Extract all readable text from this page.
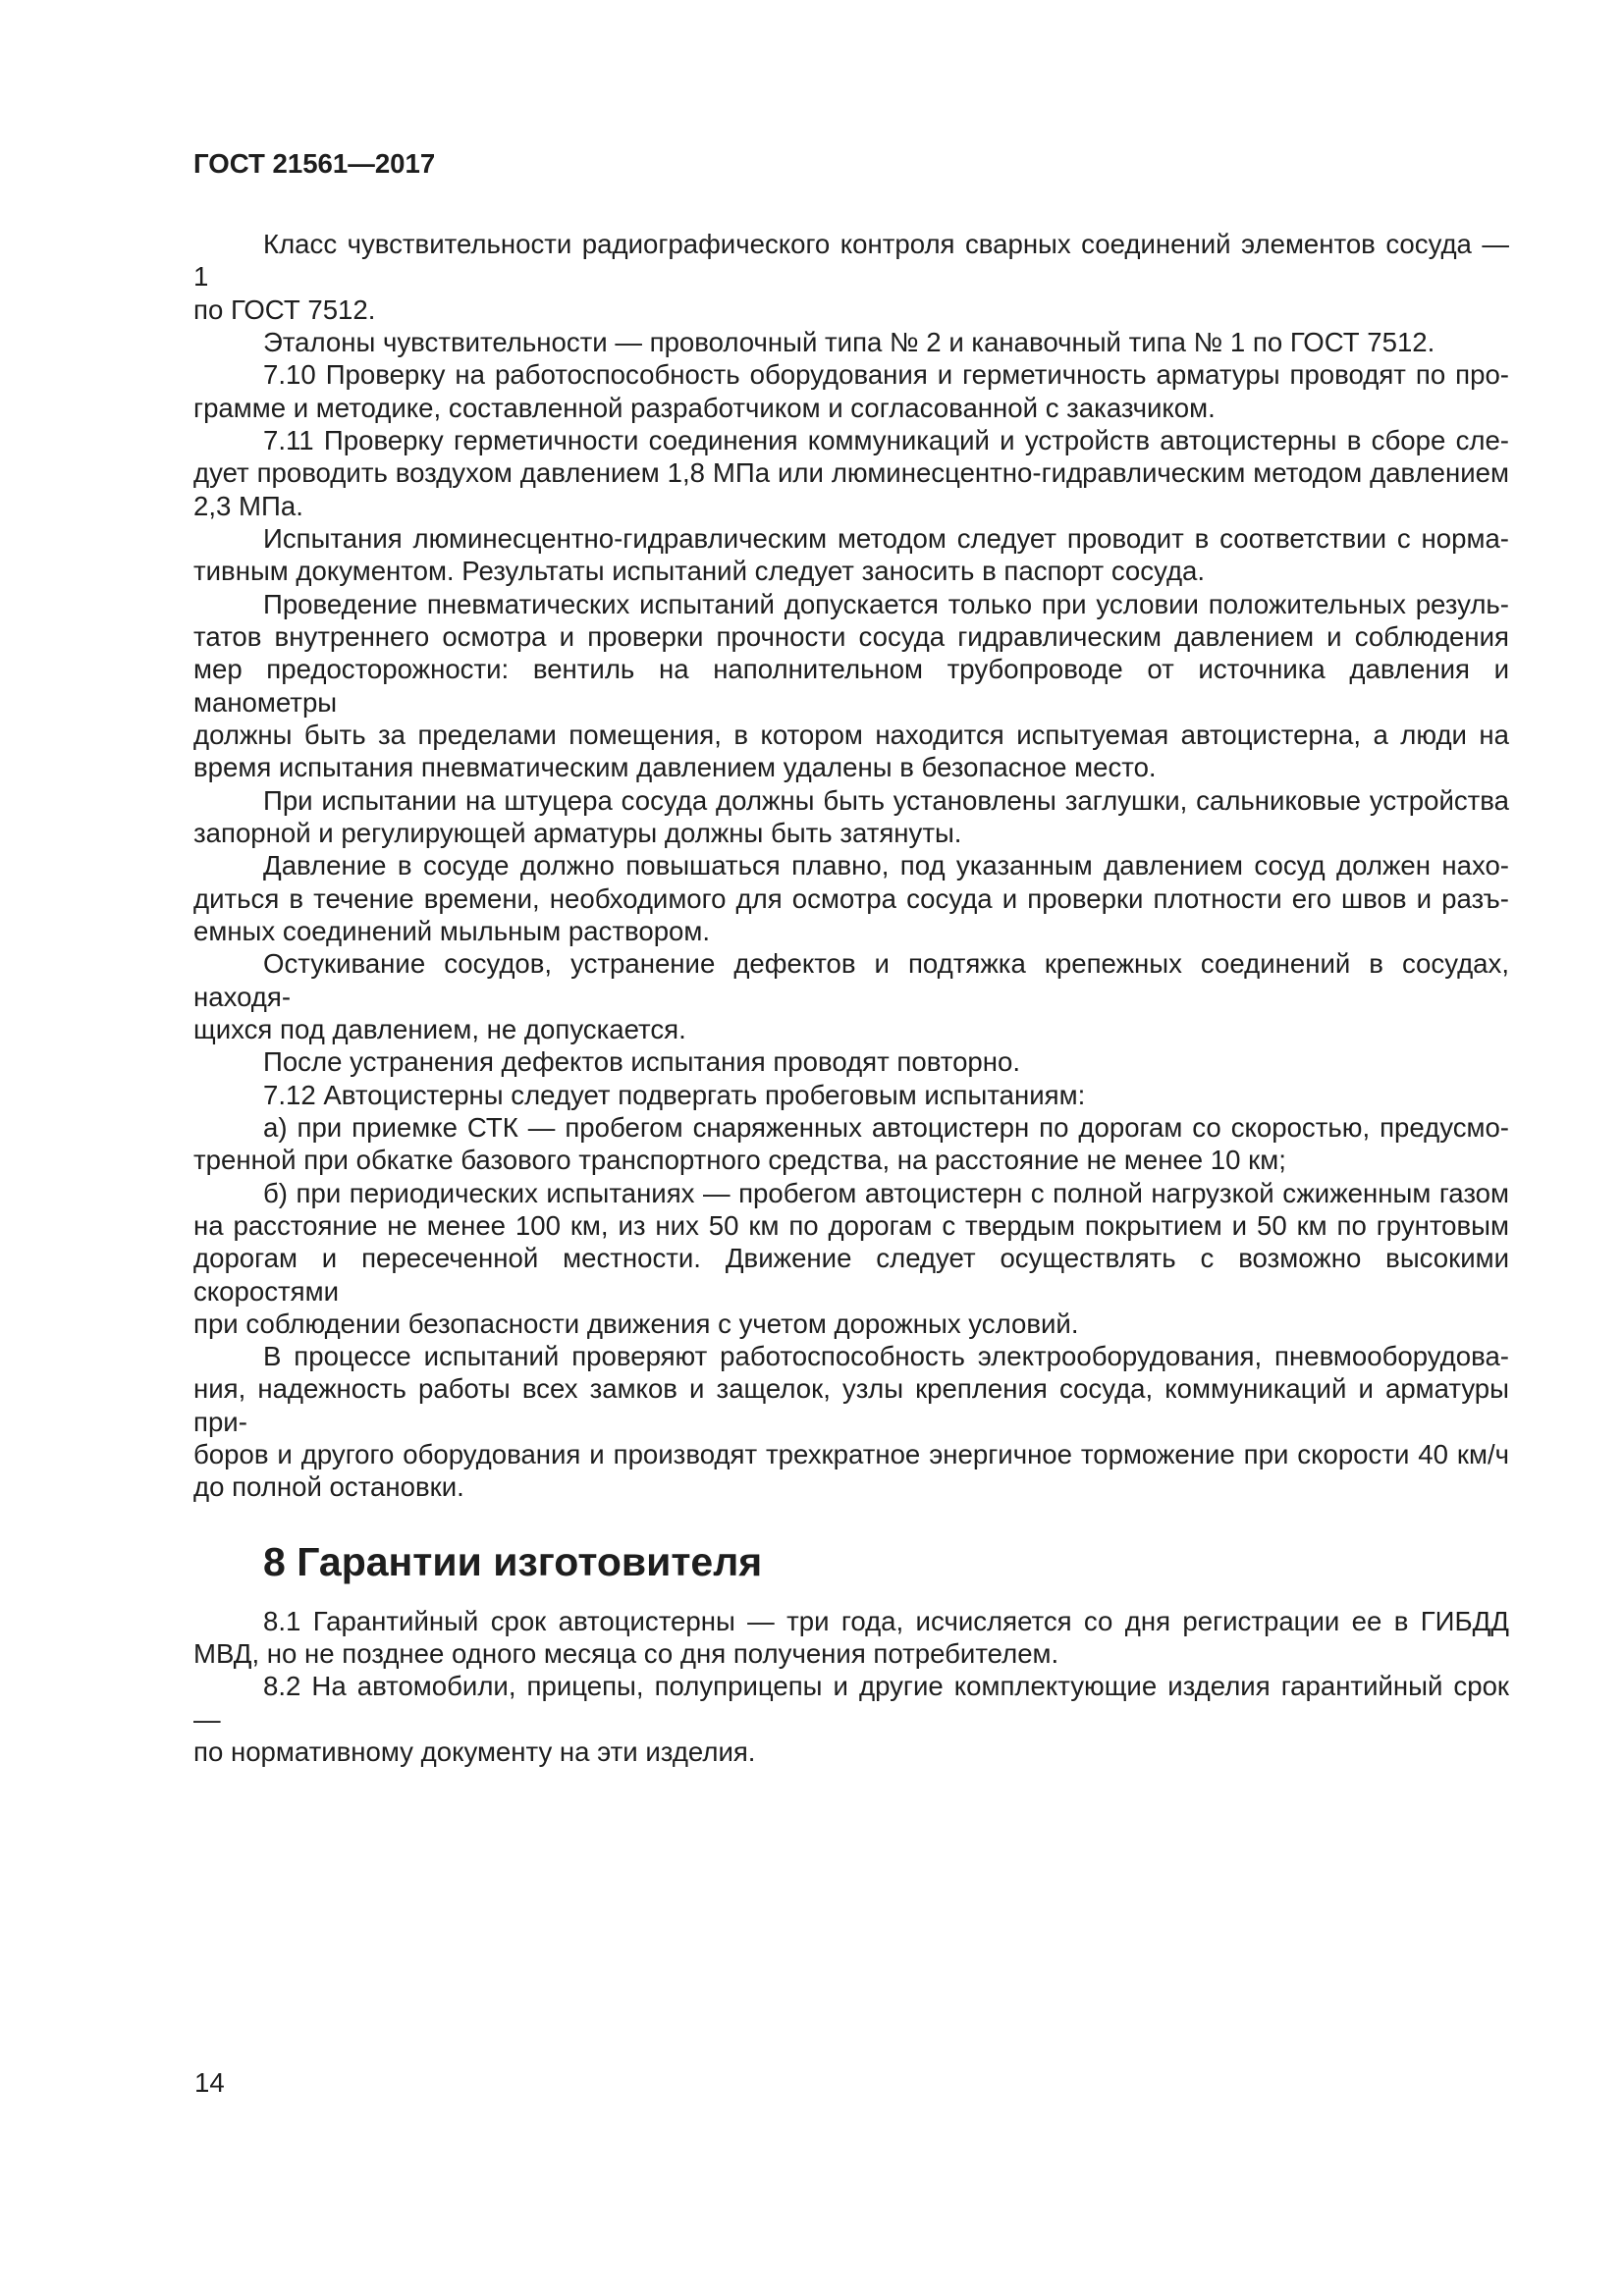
ГОСТ 21561—2017
Класс чувствительности радиографического контроля сварных соединений элементов сосуда — 1
по ГОСТ 7512.
Эталоны чувствительности — проволочный типа № 2 и канавочный типа № 1 по ГОСТ 7512.
7.10 Проверку на работоспособность оборудования и герметичность арматуры проводят по про-
грамме и методике, составленной разработчиком и согласованной с заказчиком.
7.11 Проверку герметичности соединения коммуникаций и устройств автоцистерны в сборе сле-
дует проводить воздухом давлением 1,8 МПа или люминесцентно-гидравлическим методом давлением
2,3 МПа.
Испытания люминесцентно-гидравлическим методом следует проводит в соответствии с норма-
тивным документом. Результаты испытаний следует заносить в паспорт сосуда.
Проведение пневматических испытаний допускается только при условии положительных резуль-
татов внутреннего осмотра и проверки прочности сосуда гидравлическим давлением и соблюдения
мер предосторожности: вентиль на наполнительном трубопроводе от источника давления и манометры
должны быть за пределами помещения, в котором находится испытуемая автоцистерна, а люди на
время испытания пневматическим давлением удалены в безопасное место.
При испытании на штуцера сосуда должны быть установлены заглушки, сальниковые устройства
запорной и регулирующей арматуры должны быть затянуты.
Давление в сосуде должно повышаться плавно, под указанным давлением сосуд должен нахо-
диться в течение времени, необходимого для осмотра сосуда и проверки плотности его швов и разъ-
емных соединений мыльным раствором.
Остукивание сосудов, устранение дефектов и подтяжка крепежных соединений в сосудах, находя-
щихся под давлением, не допускается.
После устранения дефектов испытания проводят повторно.
7.12 Автоцистерны следует подвергать пробеговым испытаниям:
а) при приемке СТК — пробегом снаряженных автоцистерн по дорогам со скоростью, предусмо-
тренной при обкатке базового транспортного средства, на расстояние не менее 10 км;
б) при периодических испытаниях — пробегом автоцистерн с полной нагрузкой сжиженным газом
на расстояние не менее 100 км, из них 50 км по дорогам с твердым покрытием и 50 км по грунтовым
дорогам и пересеченной местности. Движение следует осуществлять с возможно высокими скоростями
при соблюдении безопасности движения с учетом дорожных условий.
В процессе испытаний проверяют работоспособность электрооборудования, пневмооборудова-
ния, надежность работы всех замков и защелок, узлы крепления сосуда, коммуникаций и арматуры при-
боров и другого оборудования и производят трехкратное энергичное торможение при скорости 40 км/ч
до полной остановки.
8 Гарантии изготовителя
8.1 Гарантийный срок автоцистерны — три года, исчисляется со дня регистрации ее в ГИБДД
МВД, но не позднее одного месяца со дня получения потребителем.
8.2 На автомобили, прицепы, полуприцепы и другие комплектующие изделия гарантийный срок —
по нормативному документу на эти изделия.
14
